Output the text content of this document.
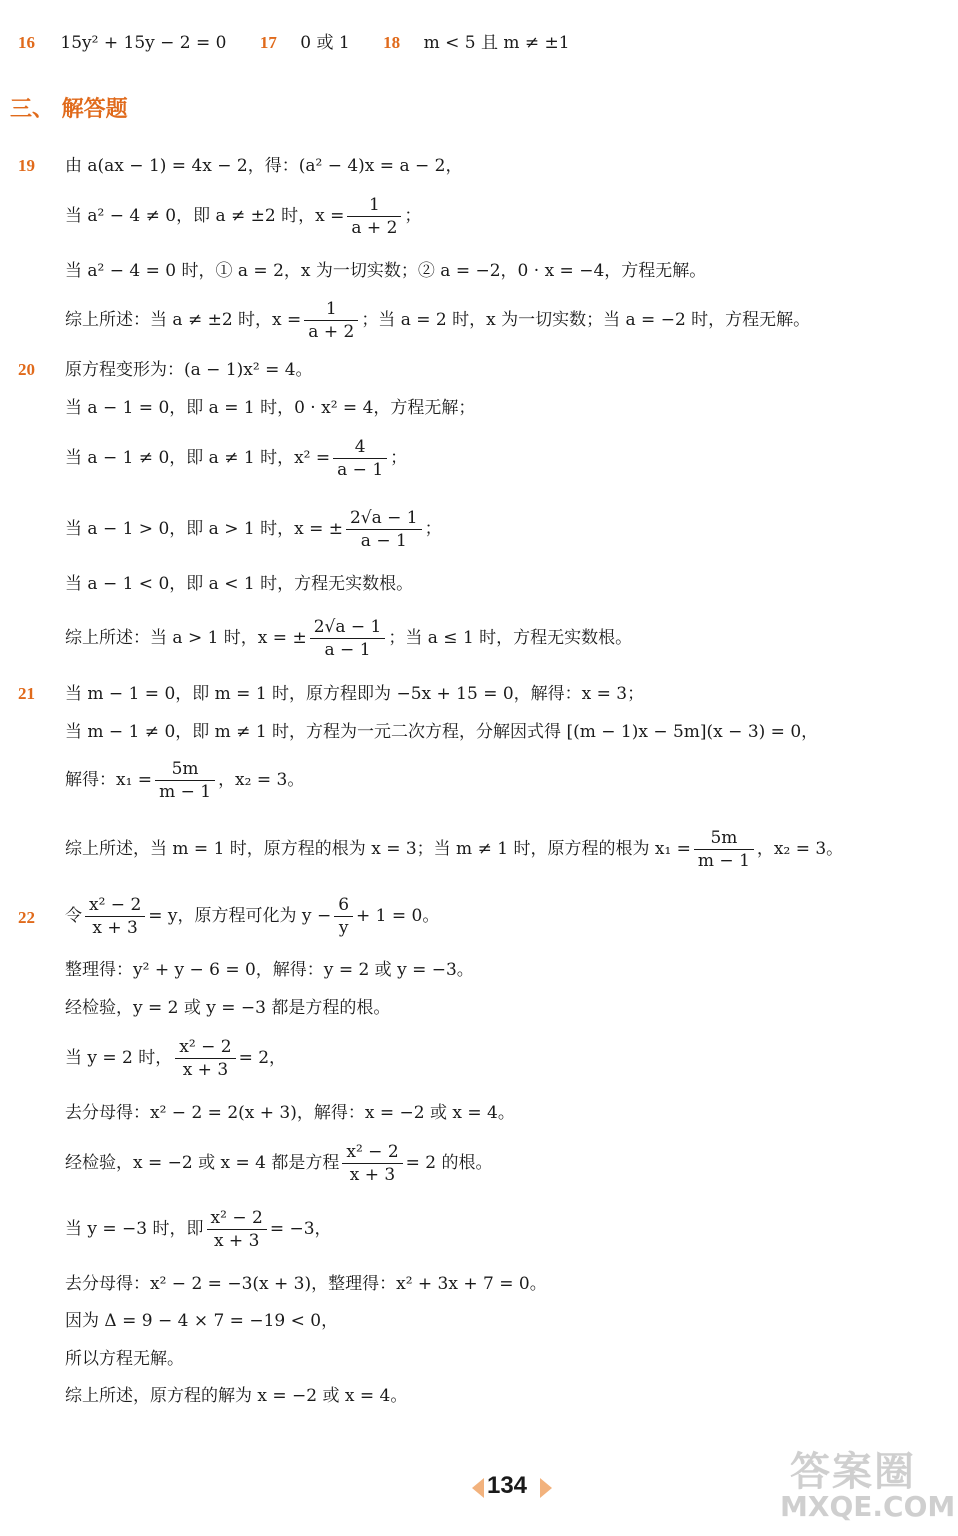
16 15y² + 15y − 2 = 0 17 0 或 1 18 m < 5 且 m ≠ ±1
三、 解答题
19 由 a(ax − 1) = 4x − 2，得：(a² − 4)x = a − 2，
当 a² − 4 ≠ 0，即 a ≠ ±2 时，$x = \frac{1}{a + 2}$ ；
当 a² − 4 = 0 时，① a = 2，x 为一切实数；② a = −2，0 · x = −4，方程无解。
综上所述：当 a ≠ ±2 时，$x = \frac{1}{a + 2}$ ；当 a = 2 时，x 为一切实数；当 a = −2 时，方程无解。
20 原方程变形为：(a − 1)x² = 4。
当 a − 1 = 0，即 a = 1 时，0 · x² = 4，方程无解；
当 a − 1 ≠ 0，即 a ≠ 1 时，$x^2 = \frac{4}{a - 1}$ ；
当 a − 1 > 0，即 a > 1 时，x = ± $\frac{2√a - 1}{a - 1}$ ；
当 a − 1 < 0，即 a < 1 时，方程无实数根。
综上所述：当 a > 1 时，x = ± $\frac{2√a - 1}{a - 1}$ ；当 a ≤ 1 时，方程无实数根。
21 当 m − 1 = 0，即 m = 1 时，原方程即为 −5x + 15 = 0，解得：x = 3；
当 m − 1 ≠ 0，即 m ≠ 1 时，方程为一元二次方程，分解因式得 [(m − 1)x − 5m](x − 3) = 0，
解得：$x_1 = \frac{5m}{m - 1}$ ，x₂ = 3。
综上所述，当 m = 1 时，原方程的根为 x = 3；当 m ≠ 1 时，原方程的根为 $x_1 = \frac{5m}{m - 1}$ ，x₂ = 3。
22 令 $\frac{\text{x² − 2}}{x + 3} = y$，原方程可化为 $y - \frac{6}{y} + 1 = 0$。
整理得：y² + y − 6 = 0，解得：y = 2 或 y = −3。
经检验，y = 2 或 y = −3 都是方程的根。
当 y = 2 时， $\frac{\text{x² − 2}}{x + 3} = 2$，
去分母得：x² − 2 = 2(x + 3)，解得：x = −2 或 x = 4。
经检验，x = −2 或 x = 4 都是方程 $\frac{\text{x² − 2}}{x + 3} = 2$ 的根。
当 y = −3 时，即 $\frac{\text{x² − 2}}{x + 3} = -3$，
去分母得：x² − 2 = −3(x + 3)，整理得：x² + 3x + 7 = 0。
因为 Δ = 9 − 4 × 7 = −19 < 0，
所以方程无解。
综上所述，原方程的解为 x = −2 或 x = 4。
134	答案圈
MXQE.COM
